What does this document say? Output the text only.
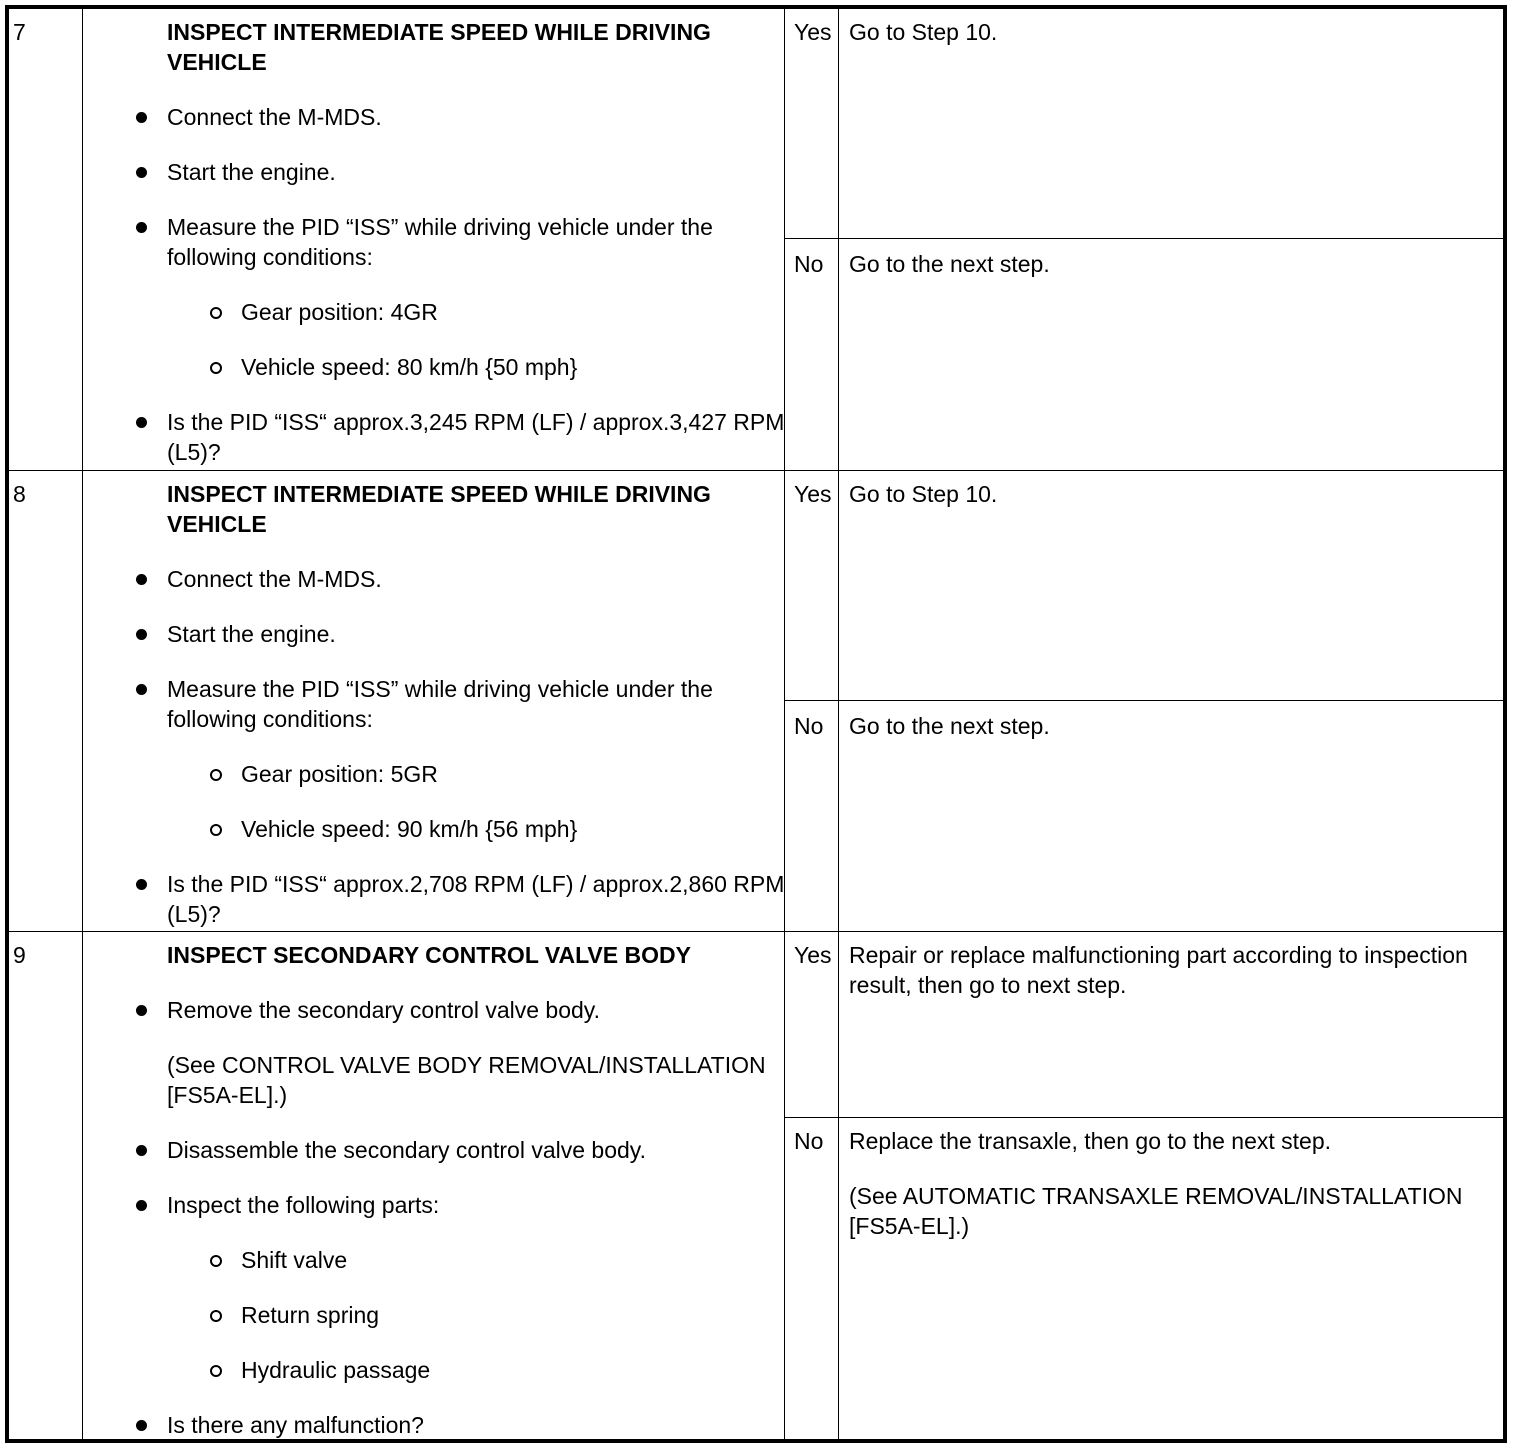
7	INSPECT INTERMEDIATE SPEED WHILE DRIVING VEHICLE
Connect the M-MDS.
Start the engine.
Measure the PID “ISS” while driving vehicle under the following conditions:
Gear position: 4GR
Vehicle speed: 80 km/h {50 mph}
Is the PID “ISS“ approx.3,245 RPM (LF) / approx.3,427 RPM (L5)?
Yes Go to Step 10.
No Go to the next step.
8	INSPECT INTERMEDIATE SPEED WHILE DRIVING VEHICLE
Connect the M-MDS.
Start the engine.
Measure the PID “ISS” while driving vehicle under the following conditions:
Gear position: 5GR
Vehicle speed: 90 km/h {56 mph}
Is the PID “ISS“ approx.2,708 RPM (LF) / approx.2,860 RPM (L5)?
Yes Go to Step 10.
No Go to the next step.
9	INSPECT SECONDARY CONTROL VALVE BODY
Remove the secondary control valve body.
(See CONTROL VALVE BODY REMOVAL/INSTALLATION [FS5A-EL].)
Disassemble the secondary control valve body.
Inspect the following parts:
Shift valve
Return spring
Hydraulic passage
Is there any malfunction?
Yes Repair or replace malfunctioning part according to inspection result, then go to next step.
No Replace the transaxle, then go to the next step.
(See AUTOMATIC TRANSAXLE REMOVAL/INSTALLATION [FS5A-EL].)
